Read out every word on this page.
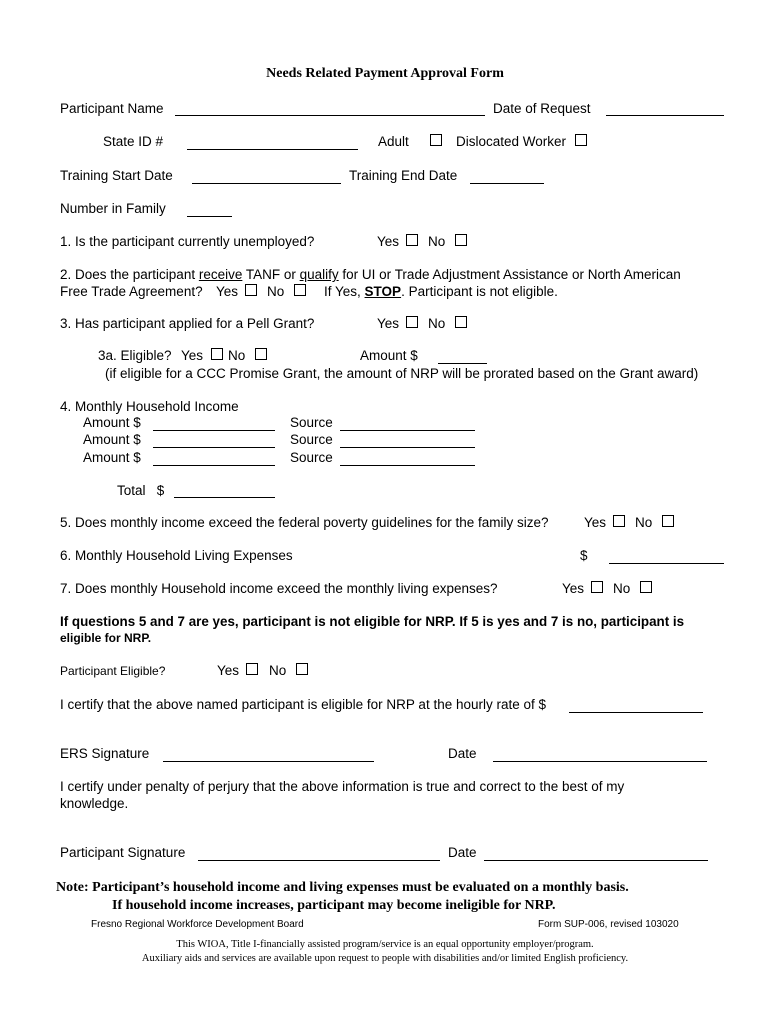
Needs Related Payment Approval Form
Participant Name	Date of Request
State ID #	Adult	Dislocated Worker
Training Start Date	Training End Date
Number in Family
1. Is the participant currently unemployed?	Yes No
2. Does the participant receive TANF or qualify for UI or Trade Adjustment Assistance or North American
Free Trade Agreement? Yes No	If Yes, STOP. Participant is not eligible.
3. Has participant applied for a Pell Grant?	Yes No
3a. Eligible? Yes No	Amount $
(if eligible for a CCC Promise Grant, the amount of NRP will be prorated based on the Grant award)
4. Monthly Household Income
Amount $	Source
Amount $	Source
Amount $	Source
Total   $
5. Does monthly income exceed the federal poverty guidelines for the family size?	Yes No
6. Monthly Household Living Expenses	$
7. Does monthly Household income exceed the monthly living expenses?	Yes No
If questions 5 and 7 are yes, participant is not eligible for NRP. If 5 is yes and 7 is no, participant is
eligible for NRP.
Participant Eligible?	Yes No
I certify that the above named participant is eligible for NRP at the hourly rate of $
ERS Signature	Date
I certify under penalty of perjury that the above information is true and correct to the best of my
knowledge.
Participant Signature	Date
Note: Participant’s household income and living expenses must be evaluated on a monthly basis.
If household income increases, participant may become ineligible for NRP.
Fresno Regional Workforce Development Board	Form SUP-006, revised 103020
This WIOA, Title I-financially assisted program/service is an equal opportunity employer/program.
Auxiliary aids and services are available upon request to people with disabilities and/or limited English proficiency.
